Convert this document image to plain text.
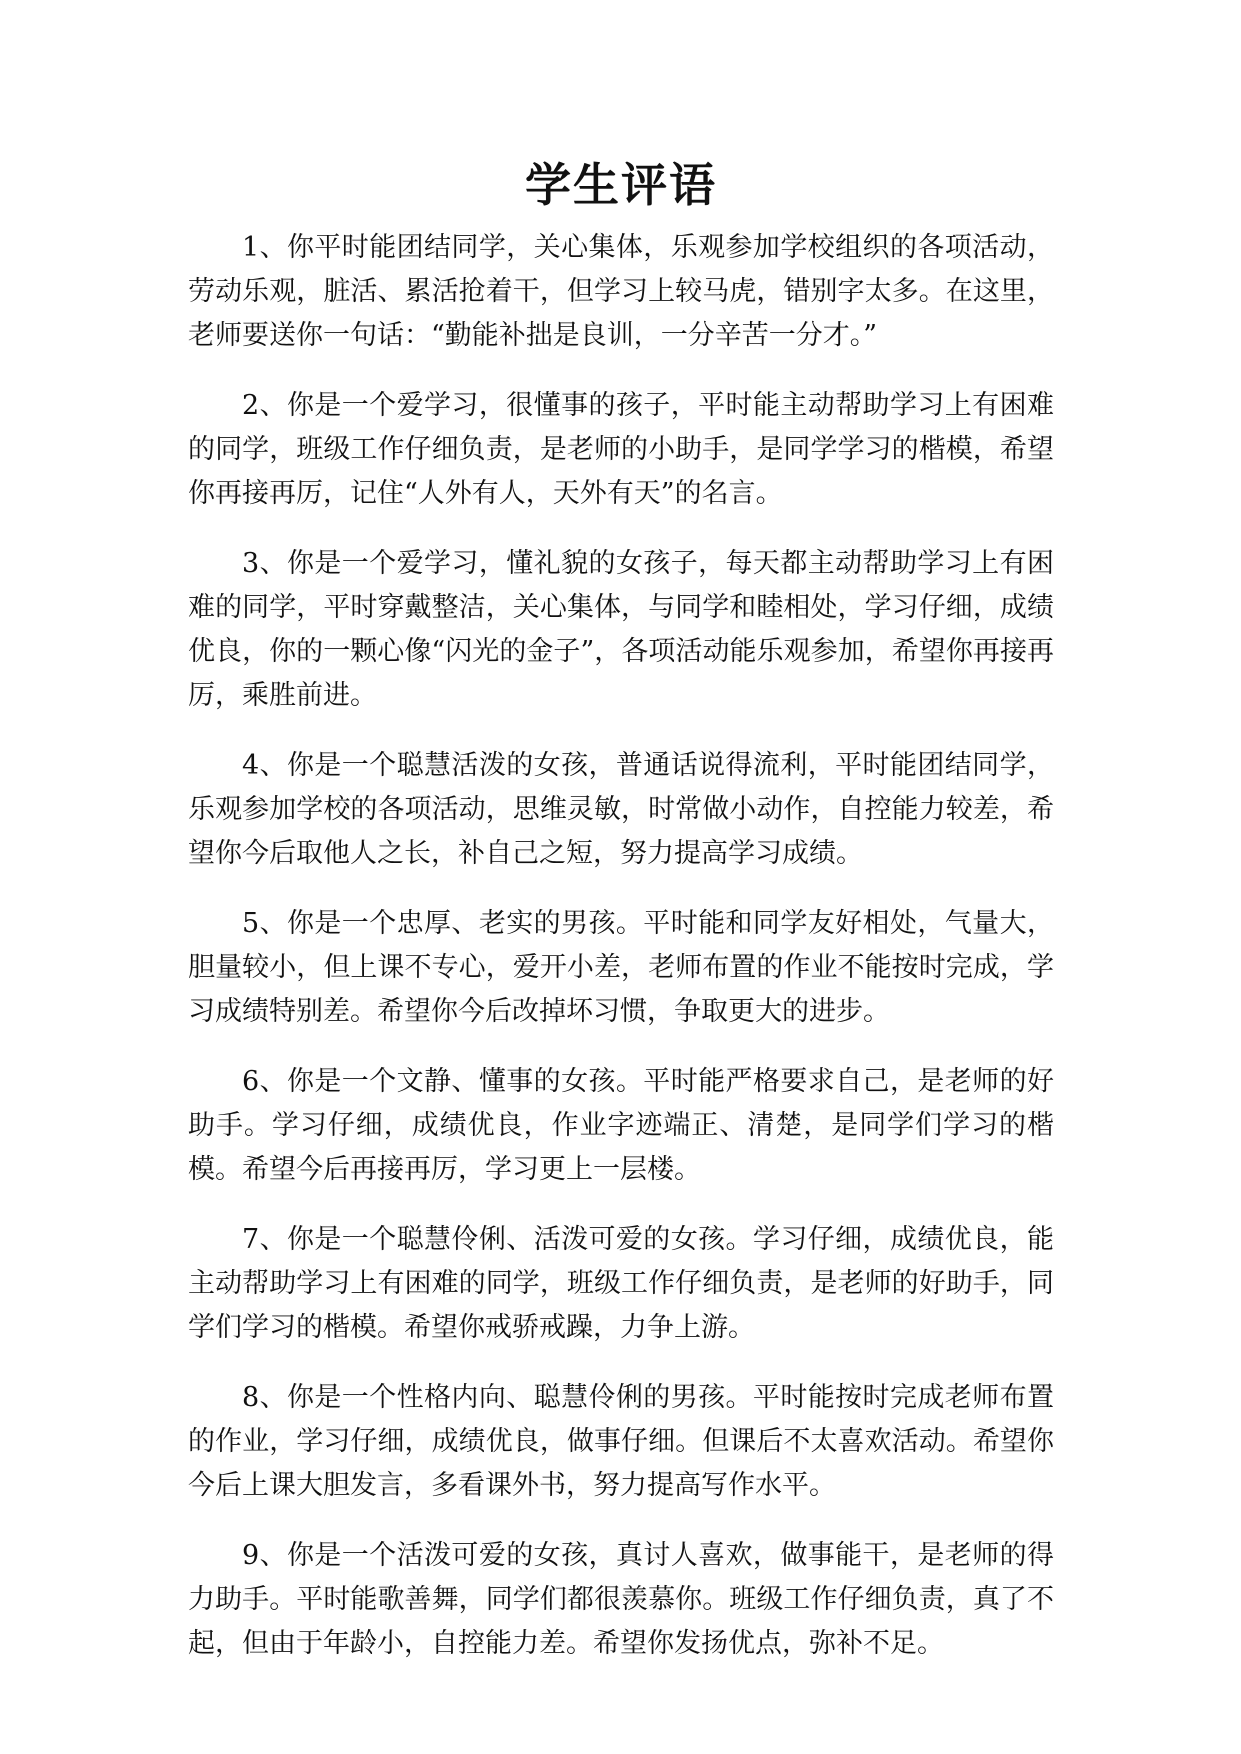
学生评语

1、你平时能团结同学，关心集体，乐观参加学校组织的各项活动，劳动乐观，脏活、累活抢着干，但学习上较马虎，错别字太多。在这里，老师要送你一句话：“勤能补拙是良训，一分辛苦一分才。”

2、你是一个爱学习，很懂事的孩子，平时能主动帮助学习上有困难的同学，班级工作仔细负责，是老师的小助手，是同学学习的楷模，希望你再接再厉，记住“人外有人，天外有天”的名言。

3、你是一个爱学习，懂礼貌的女孩子，每天都主动帮助学习上有困难的同学，平时穿戴整洁，关心集体，与同学和睦相处，学习仔细，成绩优良，你的一颗心像“闪光的金子”，各项活动能乐观参加，希望你再接再厉，乘胜前进。

4、你是一个聪慧活泼的女孩，普通话说得流利，平时能团结同学，乐观参加学校的各项活动，思维灵敏，时常做小动作，自控能力较差，希望你今后取他人之长，补自己之短，努力提高学习成绩。

5、你是一个忠厚、老实的男孩。平时能和同学友好相处，气量大，胆量较小，但上课不专心，爱开小差，老师布置的作业不能按时完成，学习成绩特别差。希望你今后改掉坏习惯，争取更大的进步。

6、你是一个文静、懂事的女孩。平时能严格要求自己，是老师的好助手。学习仔细，成绩优良，作业字迹端正、清楚，是同学们学习的楷模。希望今后再接再厉，学习更上一层楼。

7、你是一个聪慧伶俐、活泼可爱的女孩。学习仔细，成绩优良，能主动帮助学习上有困难的同学，班级工作仔细负责，是老师的好助手，同学们学习的楷模。希望你戒骄戒躁，力争上游。

8、你是一个性格内向、聪慧伶俐的男孩。平时能按时完成老师布置的作业，学习仔细，成绩优良，做事仔细。但课后不太喜欢活动。希望你今后上课大胆发言，多看课外书，努力提高写作水平。

9、你是一个活泼可爱的女孩，真讨人喜欢，做事能干，是老师的得力助手。平时能歌善舞，同学们都很羡慕你。班级工作仔细负责，真了不起，但由于年龄小，自控能力差。希望你发扬优点，弥补不足。
